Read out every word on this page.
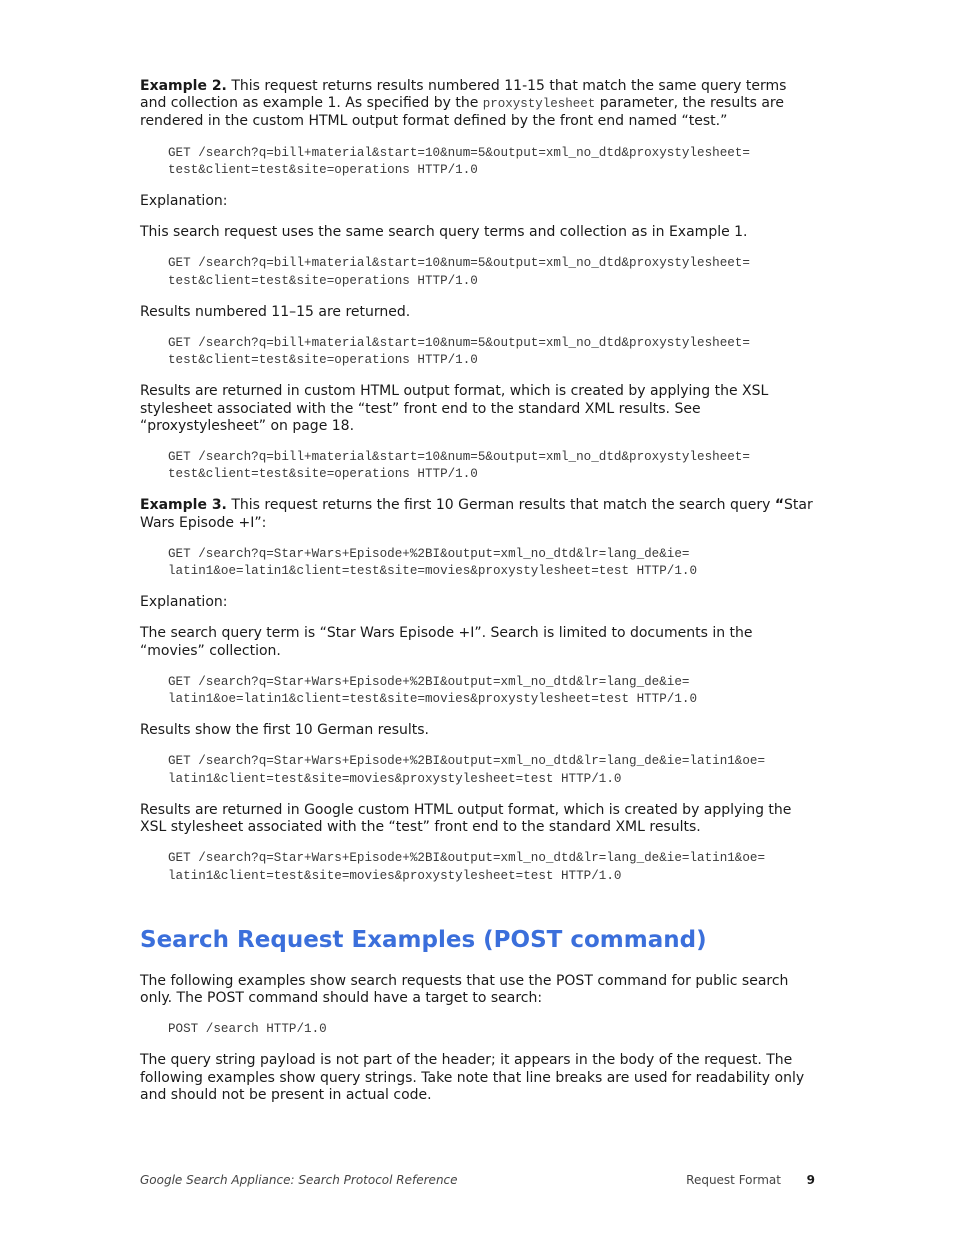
Example 2. This request returns results numbered 11-15 that match the same query terms and collection as example 1. As specified by the proxystylesheet parameter, the results are rendered in the custom HTML output format defined by the front end named “test.”

GET /search?q=bill+material&start=10&num=5&output=xml_no_dtd&proxystylesheet=
test&client=test&site=operations HTTP/1.0

Explanation:

This search request uses the same search query terms and collection as in Example 1.

GET /search?q=bill+material&start=10&num=5&output=xml_no_dtd&proxystylesheet=
test&client=test&site=operations HTTP/1.0

Results numbered 11–15 are returned.

GET /search?q=bill+material&start=10&num=5&output=xml_no_dtd&proxystylesheet=
test&client=test&site=operations HTTP/1.0

Results are returned in custom HTML output format, which is created by applying the XSL stylesheet associated with the “test” front end to the standard XML results. See “proxystylesheet” on page 18.

GET /search?q=bill+material&start=10&num=5&output=xml_no_dtd&proxystylesheet=
test&client=test&site=operations HTTP/1.0

Example 3. This request returns the first 10 German results that match the search query “Star Wars Episode +I”:

GET /search?q=Star+Wars+Episode+%2BI&output=xml_no_dtd&lr=lang_de&ie=
latin1&oe=latin1&client=test&site=movies&proxystylesheet=test HTTP/1.0

Explanation:

The search query term is “Star Wars Episode +I”. Search is limited to documents in the “movies” collection.

GET /search?q=Star+Wars+Episode+%2BI&output=xml_no_dtd&lr=lang_de&ie=
latin1&oe=latin1&client=test&site=movies&proxystylesheet=test HTTP/1.0

Results show the first 10 German results.

GET /search?q=Star+Wars+Episode+%2BI&output=xml_no_dtd&lr=lang_de&ie=latin1&oe=
latin1&client=test&site=movies&proxystylesheet=test HTTP/1.0

Results are returned in Google custom HTML output format, which is created by applying the XSL stylesheet associated with the “test” front end to the standard XML results.

GET /search?q=Star+Wars+Episode+%2BI&output=xml_no_dtd&lr=lang_de&ie=latin1&oe=
latin1&client=test&site=movies&proxystylesheet=test HTTP/1.0
Search Request Examples (POST command)

The following examples show search requests that use the POST command for public search only. The POST command should have a target to search:

POST /search HTTP/1.0

The query string payload is not part of the header; it appears in the body of the request. The following examples show query strings. Take note that line breaks are used for readability only and should not be present in actual code.

Google Search Appliance: Search Protocol Reference	Request Format 9
